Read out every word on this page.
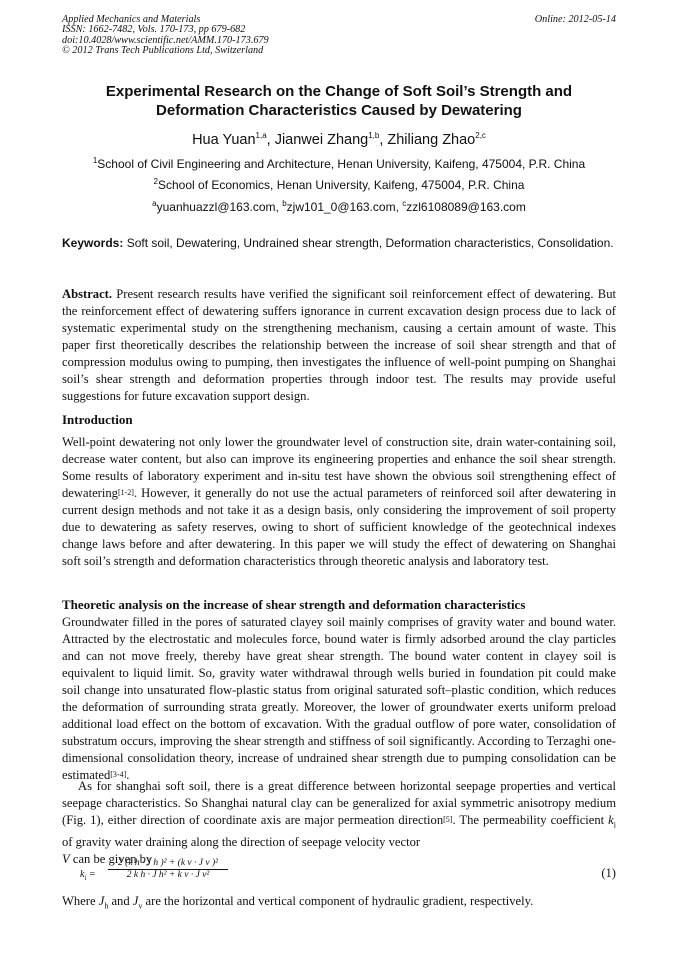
Applied Mechanics and Materials
ISSN: 1662-7482, Vols. 170-173, pp 679-682
doi:10.4028/www.scientific.net/AMM.170-173.679
© 2012 Trans Tech Publications Ltd, Switzerland
Online: 2012-05-14
Experimental Research on the Change of Soft Soil’s Strength and
Deformation Characteristics Caused by Dewatering
Hua Yuan$^{1,a}$, Jianwei Zhang$^{1,b}$, Zhiliang Zhao$^{2,c}$
$^1$School of Civil Engineering and Architecture, Henan University, Kaifeng, 475004, P.R. China
$^2$School of Economics, Henan University, Kaifeng, 475004, P.R. China
$^a$yuanhuazzl@163.com, $^b$zjw101_0@163.com, $^c$zzl6108089@163.com
Keywords: Soft soil, Dewatering, Undrained shear strength, Deformation characteristics, Consolidation.
Abstract. Present research results have verified the significant soil reinforcement effect of dewatering. But the reinforcement effect of dewatering suffers ignorance in current excavation design process due to lack of systematic experimental study on the strengthening mechanism, causing a certain amount of waste. This paper first theoretically describes the relationship between the increase of soil shear strength and that of compression modulus owing to pumping, then investigates the influence of well-point pumping on Shanghai soil’s shear strength and deformation properties through indoor test. The results may provide useful suggestions for future excavation support design.
Introduction
Well-point dewatering not only lower the groundwater level of construction site, drain water-containing soil, decrease water content, but also can improve its engineering properties and enhance the soil shear strength. Some results of laboratory experiment and in-situ test have shown the obvious soil strengthening effect of dewatering[1-2]. However, it generally do not use the actual parameters of reinforced soil after dewatering in current design methods and not take it as a design basis, only considering the improvement of soil property due to dewatering as safety reserves, owing to short of sufficient knowledge of the geotechnical indexes change laws before and after dewatering. In this paper we will study the effect of dewatering on Shanghai soft soil’s strength and deformation characteristics through theoretic analysis and laboratory test.
Theoretic analysis on the increase of shear strength and deformation characteristics
Groundwater filled in the pores of saturated clayey soil mainly comprises of gravity water and bound water. Attracted by the electrostatic and molecules force, bound water is firmly adsorbed around the clay particles and can not move freely, thereby have great shear strength. The bound water content in clayey soil is equivalent to liquid limit. So, gravity water withdrawal through wells buried in foundation pit could make soil change into unsaturated flow-plastic status from original saturated soft–plastic condition, which reduces the deformation of surrounding strata greatly. Moreover, the lower of groundwater exerts uniform preload additional load effect on the bottom of excavation. With the gradual outflow of pore water, consolidation of substratum occurs, improving the shear strength and stiffness of soil significantly. According to Terzaghi one-dimensional consolidation theory, increase of undrained shear strength due to pumping consolidation can be estimated[3-4].
As for shanghai soft soil, there is a great difference between horizontal seepage properties and vertical seepage characteristics. So Shanghai natural clay can be generalized for axial symmetric anisotropy medium (Fig. 1), either direction of coordinate axis are major permeation direction[5]. The permeability coefficient $k_i$ of gravity water draining along the direction of seepage velocity vector
V can be given by
$k_i = \frac{\text{2 (k h · J h )² + (k v · J v )²}}{\text{2 k h · J h² + k v · J v²}}$	(1)
Where $J_h$ and $J_v$ are the horizontal and vertical component of hydraulic gradient, respectively.
